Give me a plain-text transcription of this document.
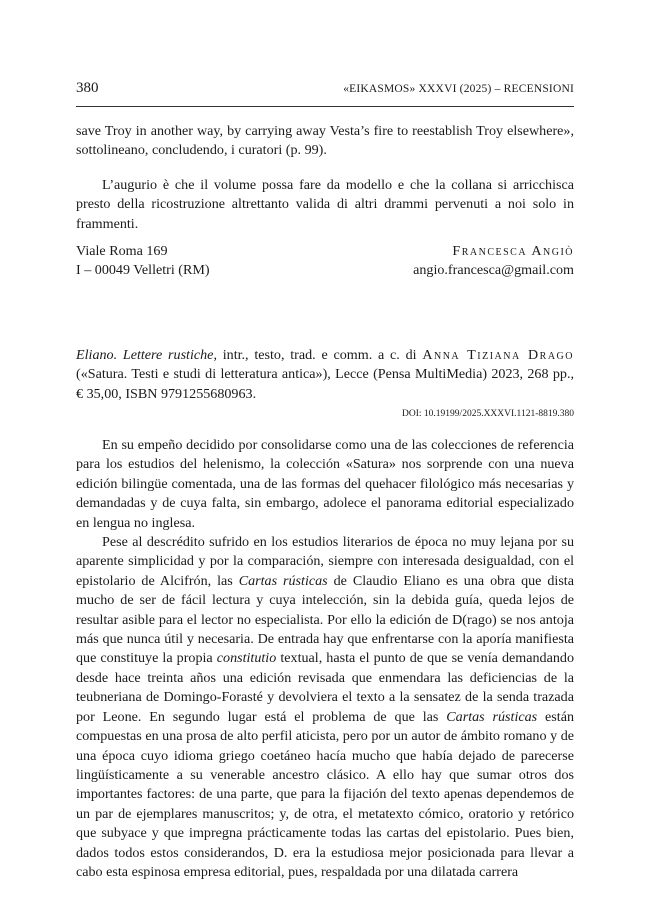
380	«EIKASMOS» XXXVI (2025) – RECENSIONI

save Troy in another way, by carrying away Vesta’s fire to reestablish Troy elsewhere», sottolineano, concludendo, i curatori (p. 99).

L’augurio è che il volume possa fare da modello e che la collana si arricchisca presto della ricostruzione altrettanto valida di altri drammi pervenuti a noi solo in frammenti.

Viale Roma 169
I – 00049 Velletri (RM)
Francesca Angiò
angio.francesca@gmail.com

Eliano. Lettere rustiche, intr., testo, trad. e comm. a c. di Anna Tiziana Drago («Satura. Testi e studi di letteratura antica»), Lecce (Pensa MultiMedia) 2023, 268 pp., € 35,00, ISBN 9791255680963.

DOI: 10.19199/2025.XXXVI.1121-8819.380

En su empeño decidido por consolidarse como una de las colecciones de referencia para los estudios del helenismo, la colección «Satura» nos sorprende con una nueva edición bilingüe comentada, una de las formas del quehacer filológico más necesarias y demandadas y de cuya falta, sin embargo, adolece el panorama editorial especializado en lengua no inglesa.

Pese al descrédito sufrido en los estudios literarios de época no muy lejana por su aparente simplicidad y por la comparación, siempre con interesada desigualdad, con el epistolario de Alcifrón, las Cartas rústicas de Claudio Eliano es una obra que dista mucho de ser de fácil lectura y cuya intelección, sin la debida guía, queda lejos de resultar asible para el lector no especialista. Por ello la edición de D(rago) se nos antoja más que nunca útil y necesaria. De entrada hay que enfrentarse con la aporía manifiesta que constituye la propia constitutio textual, hasta el punto de que se venía demandando desde hace treinta años una edición revisada que enmendara las deficiencias de la teubneriana de Domingo-Forasté y devolviera el texto a la sensatez de la senda trazada por Leone. En segundo lugar está el problema de que las Cartas rústicas están compuestas en una prosa de alto perfil aticista, pero por un autor de ámbito romano y de una época cuyo idioma griego coetáneo hacía mucho que había dejado de parecerse lingüísticamente a su venerable ancestro clásico. A ello hay que sumar otros dos importantes factores: de una parte, que para la fijación del texto apenas dependemos de un par de ejemplares manuscritos; y, de otra, el metatexto cómico, oratorio y retórico que subyace y que impregna prácticamente todas las cartas del epistolario. Pues bien, dados todos estos considerandos, D. era la estudiosa mejor posicionada para llevar a cabo esta espinosa empresa editorial, pues, respaldada por una dilatada carrera
